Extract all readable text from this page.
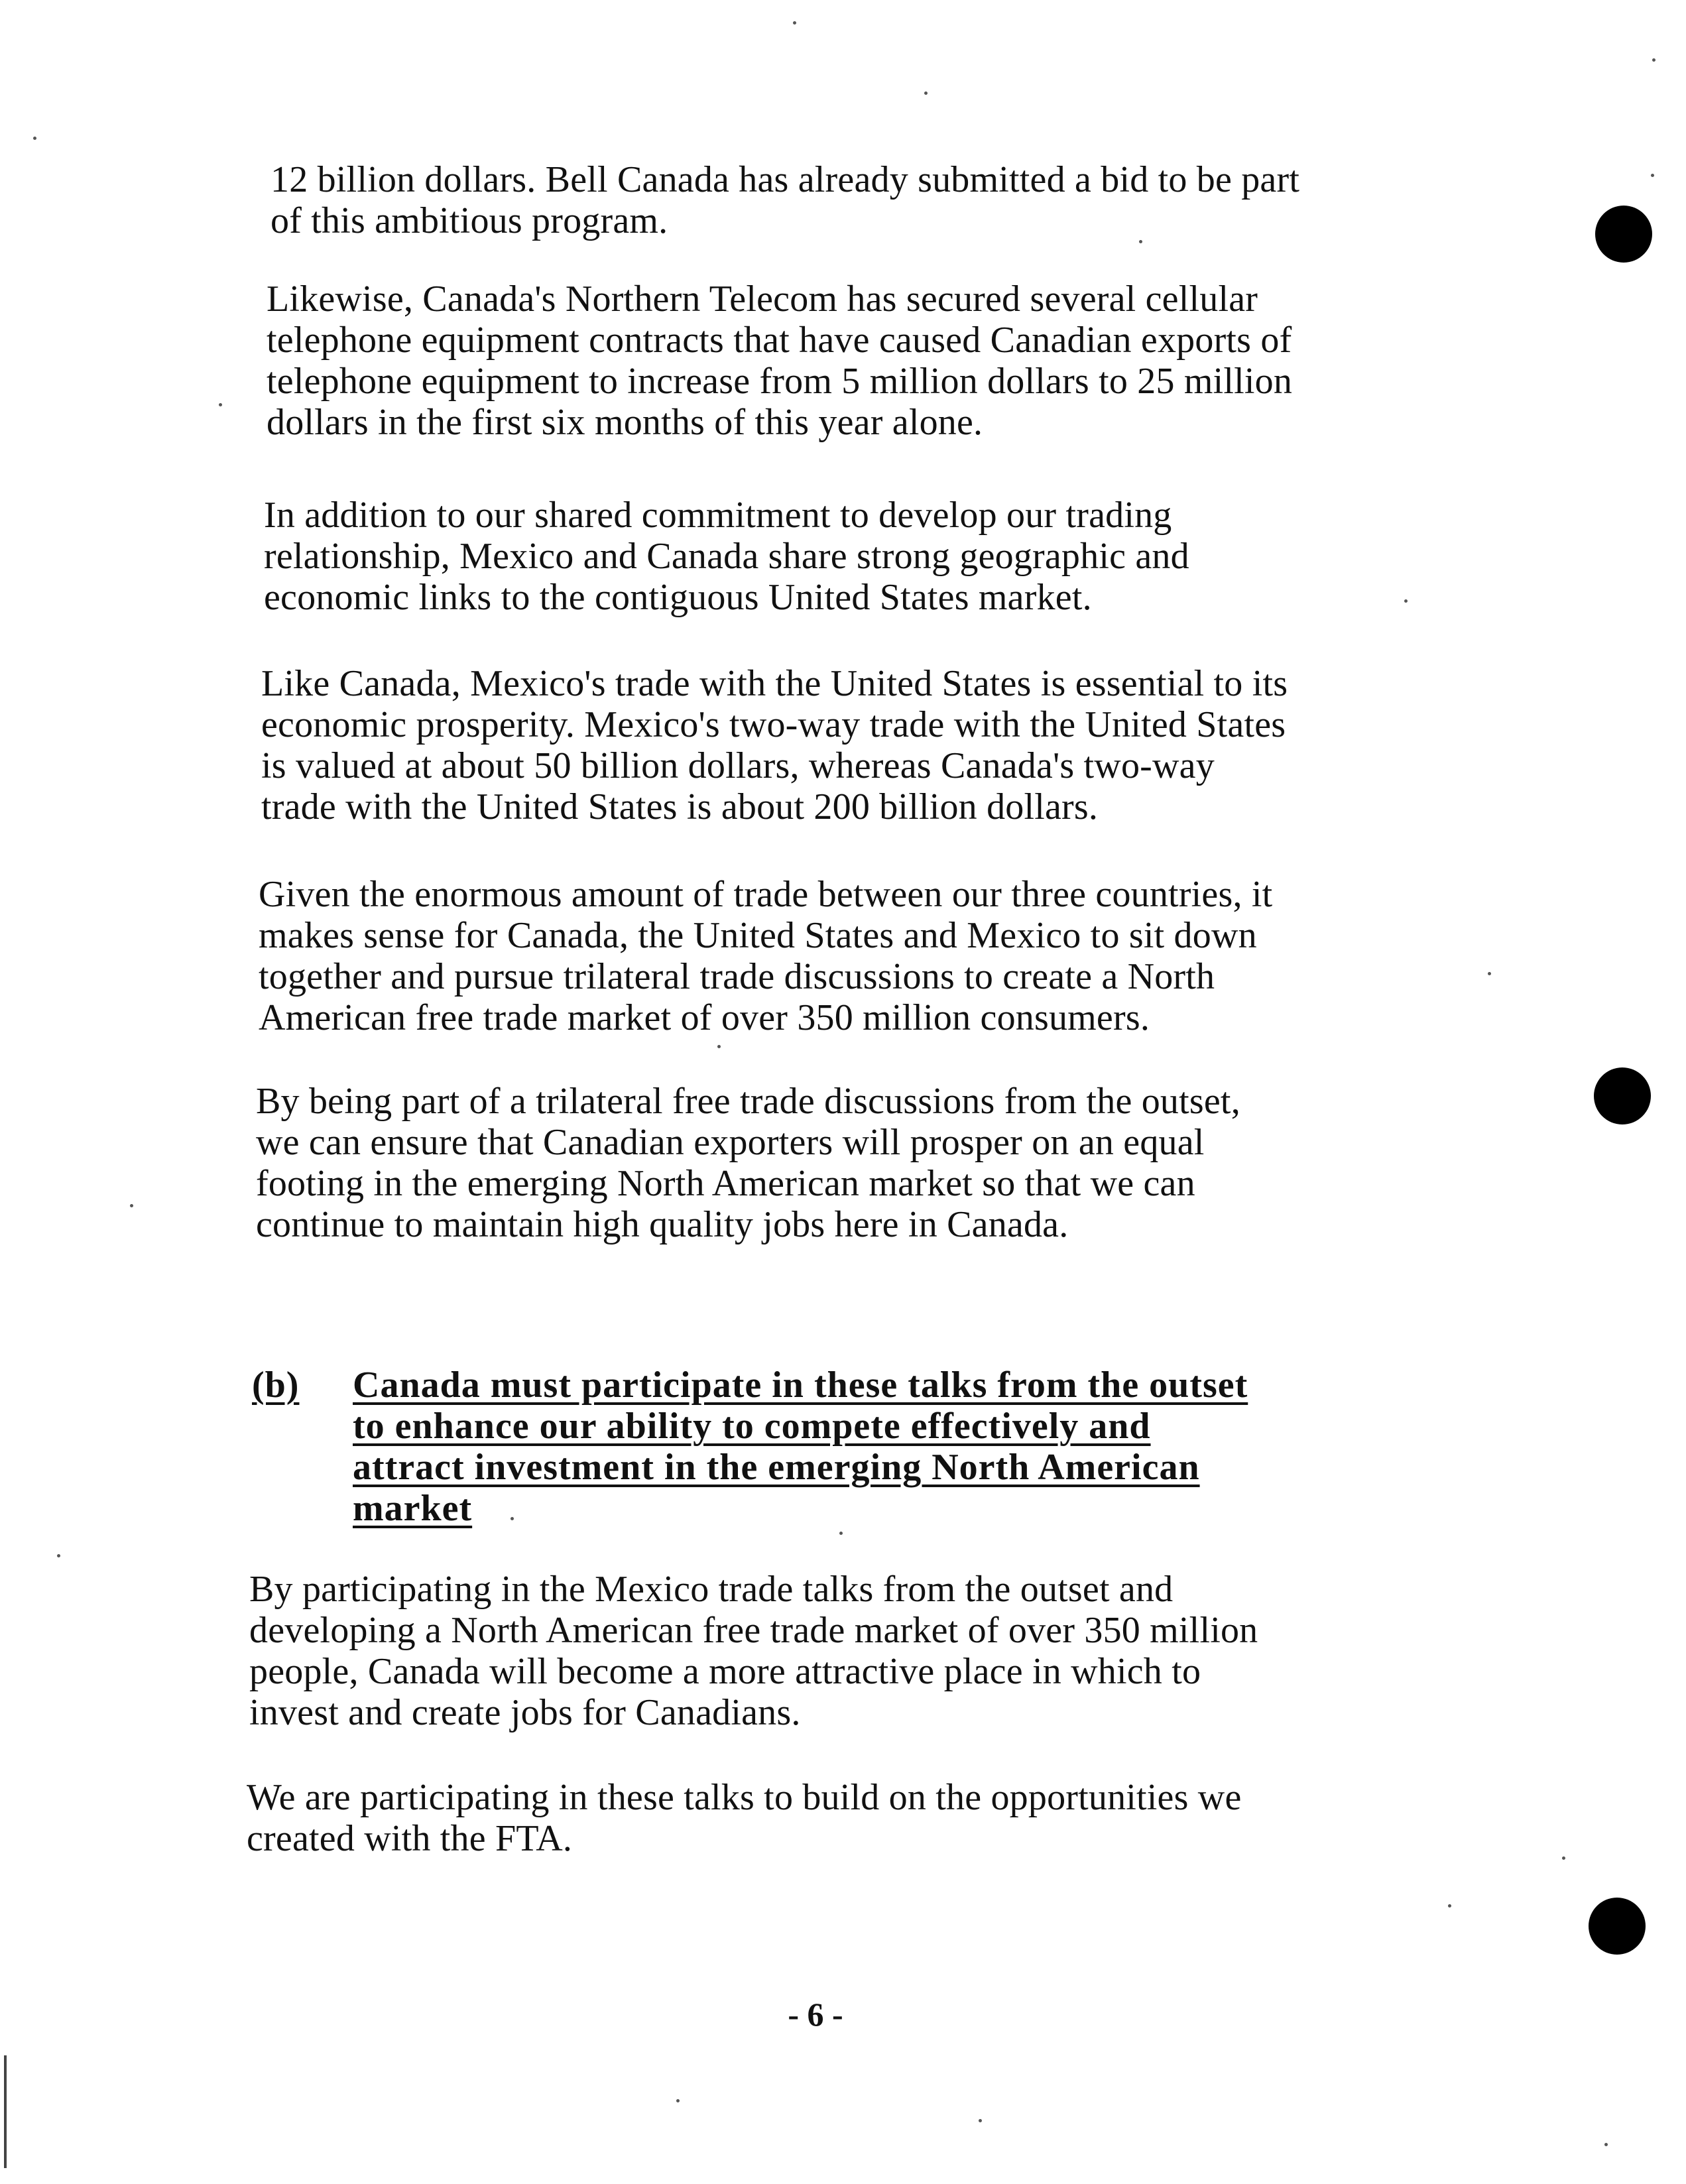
12 billion dollars. Bell Canada has already submitted a bid to be part
of this ambitious program.

Likewise, Canada's Northern Telecom has secured several cellular
telephone equipment contracts that have caused Canadian exports of
telephone equipment to increase from 5 million dollars to 25 million
dollars in the first six months of this year alone.

In addition to our shared commitment to develop our trading
relationship, Mexico and Canada share strong geographic and
economic links to the contiguous United States market.

Like Canada, Mexico's trade with the United States is essential to its
economic prosperity. Mexico's two-way trade with the United States
is valued at about 50 billion dollars, whereas Canada's two-way
trade with the United States is about 200 billion dollars.

Given the enormous amount of trade between our three countries, it
makes sense for Canada, the United States and Mexico to sit down
together and pursue trilateral trade discussions to create a North
American free trade market of over 350 million consumers.

By being part of a trilateral free trade discussions from the outset,
we can ensure that Canadian exporters will prosper on an equal
footing in the emerging North American market so that we can
continue to maintain high quality jobs here in Canada.

(b) Canada must participate in these talks from the outset
to enhance our ability to compete effectively and
attract investment in the emerging North American
market

By participating in the Mexico trade talks from the outset and
developing a North American free trade market of over 350 million
people, Canada will become a more attractive place in which to
invest and create jobs for Canadians.

We are participating in these talks to build on the opportunities we
created with the FTA.

- 6 -
